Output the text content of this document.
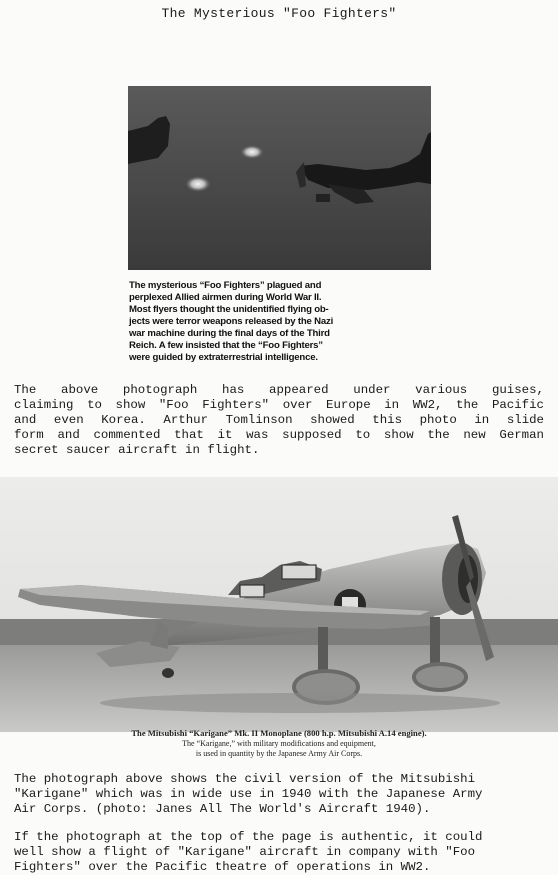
The Mysterious "Foo Fighters"
The mysterious “Foo Fighters” plagued and
perplexed Allied airmen during World War II.
Most flyers thought the unidentified flying ob-
jects were terror weapons released by the Nazi
war machine during the final days of the Third
Reich. A few insisted that the “Foo Fighters”
were guided by extraterrestrial intelligence.
The above photograph has appeared under various guises,
claiming to show "Foo Fighters" over Europe in WW2, the Pacific
and even Korea. Arthur Tomlinson showed this photo in slide
form and commented that it was supposed to show the new German
secret saucer aircraft in flight.
The Mitsubishi “Karigane” Mk. II Monoplane (800 h.p. Mitsubishi A.14 engine).
The “Karigane,” with military modifications and equipment,
is used in quantity by the Japanese Army Air Corps.
The photograph above shows the civil version of the Mitsubishi
"Karigane" which was in wide use in 1940 with the Japanese Army
Air Corps. (photo: Janes All The World's Aircraft 1940).
If the photograph at the top of the page is authentic, it could
well show a flight of "Karigane" aircraft in company with "Foo
Fighters" over the Pacific theatre of operations in WW2.
